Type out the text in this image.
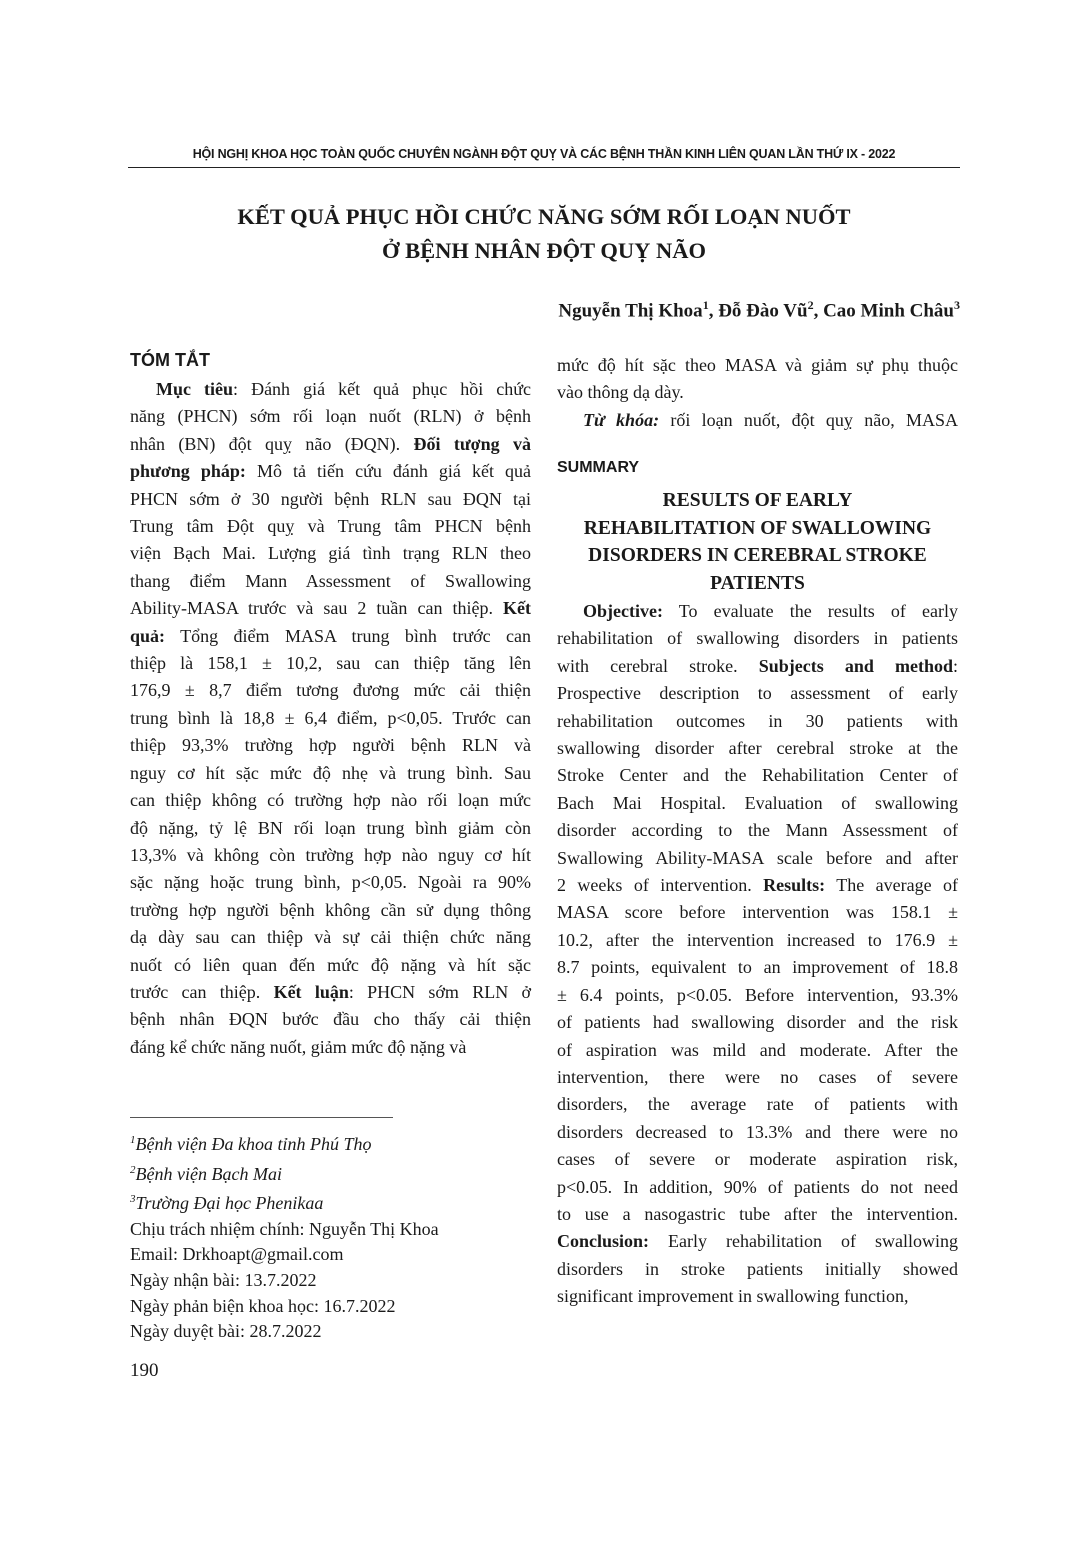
HỘI NGHỊ KHOA HỌC TOÀN QUỐC CHUYÊN NGÀNH ĐỘT QUỴ VÀ CÁC BỆNH THẦN KINH LIÊN QUAN LẦN THỨ IX - 2022
KẾT QUẢ PHỤC HỒI CHỨC NĂNG SỚM RỐI LOẠN NUỐT
Ở BỆNH NHÂN ĐỘT QUỴ NÃO
Nguyễn Thị Khoa$^1$, Đỗ Đào $Vũ^2$, Cao Minh Châu$^3$
TÓM TẮT

Mục tiêu: Đánh giá kết quả phục hồi chức

năng (PHCN) sớm rối loạn nuốt (RLN) ở bệnh

nhân (BN) đột quỵ não (ĐQN). Đối tượng và

phương pháp: Mô tả tiến cứu đánh giá kết quả

PHCN sớm ở 30 người bệnh RLN sau ĐQN tại

Trung tâm Đột quỵ và Trung tâm PHCN bệnh

viện Bạch Mai. Lượng giá tình trạng RLN theo

thang điểm Mann Assessment of Swallowing

Ability-MASA trước và sau 2 tuần can thiệp. Kết

quả: Tổng điểm MASA trung bình trước can

thiệp là 158,1 ± 10,2, sau can thiệp tăng lên

176,9 ± 8,7 điểm tương đương mức cải thiện

trung bình là 18,8 ± 6,4 điểm, p<0,05. Trước can

thiệp 93,3% trường hợp người bệnh RLN và

nguy cơ hít sặc mức độ nhẹ và trung bình. Sau

can thiệp không có trường hợp nào rối loạn mức

độ nặng, tỷ lệ BN rối loạn trung bình giảm còn

13,3% và không còn trường hợp nào nguy cơ hít

sặc nặng hoặc trung bình, p<0,05. Ngoài ra 90%

trường hợp người bệnh không cần sử dụng thông

dạ dày sau can thiệp và sự cải thiện chức năng

nuốt có liên quan đến mức độ nặng và hít sặc

trước can thiệp. Kết luận: PHCN sớm RLN ở

bệnh nhân ĐQN bước đầu cho thấy cải thiện

đáng kể chức năng nuốt, giảm mức độ nặng và

mức độ hít sặc theo MASA và giảm sự phụ thuộc

vào thông dạ dày.

Từ khóa: rối loạn nuốt, đột quỵ não, MASA

SUMMARY
RESULTS OF EARLY
REHABILITATION OF SWALLOWING
DISORDERS IN CEREBRAL STROKE
PATIENTS

Objective: To evaluate the results of early

rehabilitation of swallowing disorders in patients

with cerebral stroke. Subjects and method:

Prospective description to assessment of early

rehabilitation outcomes in 30 patients with

swallowing disorder after cerebral stroke at the

Stroke Center and the Rehabilitation Center of

Bach Mai Hospital. Evaluation of swallowing

disorder according to the Mann Assessment of

Swallowing Ability-MASA scale before and after

2 weeks of intervention. Results: The average of

MASA score before intervention was 158.1 ±

10.2, after the intervention increased to 176.9 ±

8.7 points, equivalent to an improvement of 18.8

± 6.4 points, p<0.05. Before intervention, 93.3%

of patients had swallowing disorder and the risk

of aspiration was mild and moderate. After the

intervention, there were no cases of severe

disorders, the average rate of patients with

disorders decreased to 13.3% and there were no

cases of severe or moderate aspiration risk,

p<0.05. In addition, 90% of patients do not need

to use a nasogastric tube after the intervention.

Conclusion: Early rehabilitation of swallowing

disorders in stroke patients initially showed

significant improvement in swallowing function,

$^1$Bệnh viện Đa khoa tỉnh Phú Thọ
$^2$Bệnh viện Bạch Mai
$^3$Trường Đại học Phenikaa
Chịu trách nhiệm chính: Nguyễn Thị Khoa
Email: Drkhoapt@gmail.com
Ngày nhận bài: 13.7.2022
Ngày phản biện khoa học: 16.7.2022
Ngày duyệt bài: 28.7.2022
190
